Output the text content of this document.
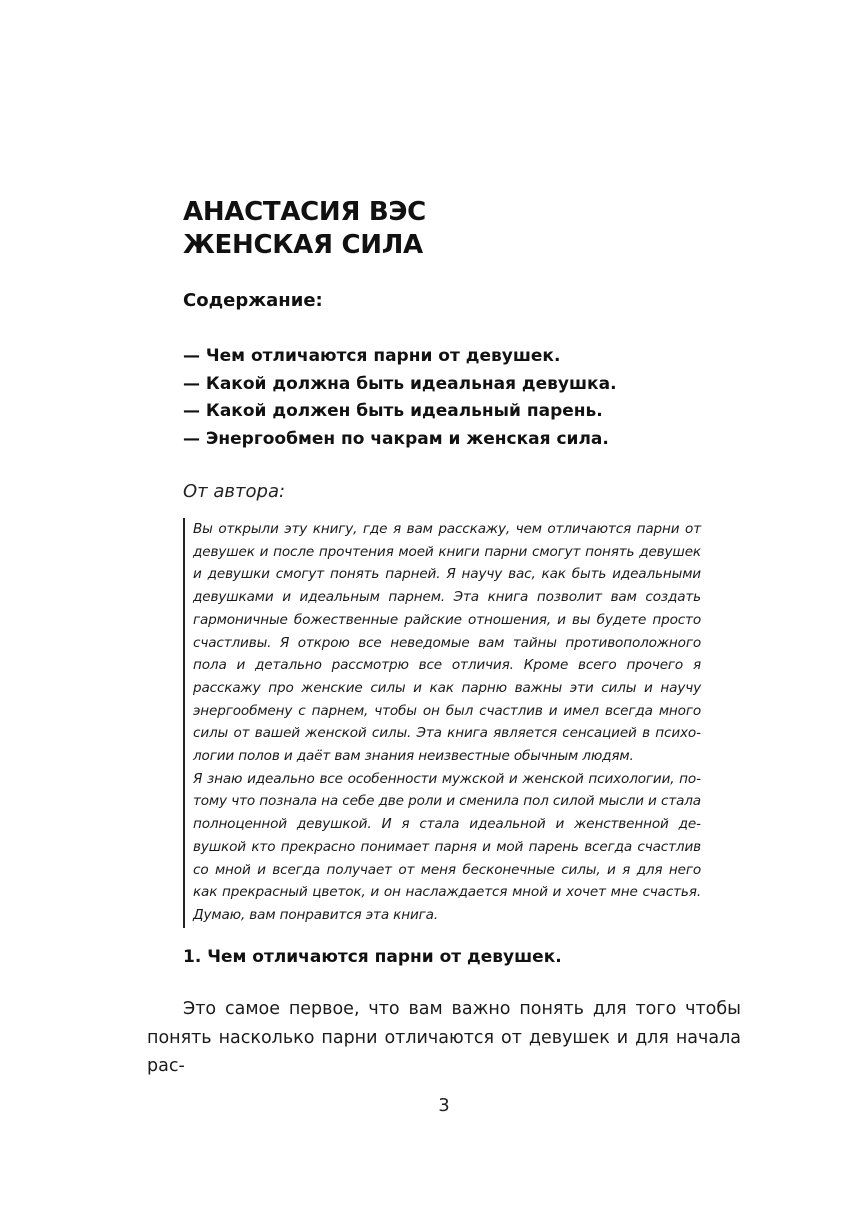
АНАСТАСИЯ ВЭС
ЖЕНСКАЯ СИЛА
Содержание:
— Чем отличаются парни от девушек.
— Какой должна быть идеальная девушка.
— Какой должен быть идеальный парень.
— Энергообмен по чакрам и женская сила.
От автора:

Вы открыли эту книгу, где я вам расскажу, чем отличаются парни от девушек и после прочтения моей книги парни смогут понять девушек и девушки смогут понять парней. Я научу вас, как быть идеальными девушками и идеальным парнем. Эта книга позволит вам создать гармоничные божественные райские отношения, и вы будете просто счастливы. Я открою все неведомые вам тайны противоположного пола и детально рассмотрю все отличия. Кроме всего прочего я расскажу про женские силы и как парню важны эти силы и научу энергообмену с парнем, чтобы он был счастлив и имел всегда много силы от вашей женской силы. Эта книга является сенсацией в психологии полов и даёт вам знания неизвестные обычным людям.

Я знаю идеально все особенности мужской и женской психологии, потому что познала на себе две роли и сменила пол силой мысли и стала полноценной девушкой. И я стала идеальной и женственной девушкой кто прекрасно понимает парня и мой парень всегда счастлив со мной и всегда получает от меня бесконечные силы, и я для него как прекрасный цветок, и он наслаждается мной и хочет мне счастья. Думаю, вам понравится эта книга.

1. Чем отличаются парни от девушек.

Это самое первое, что вам важно понять для того чтобы понять насколько парни отличаются от девушек и для начала рас-

3
